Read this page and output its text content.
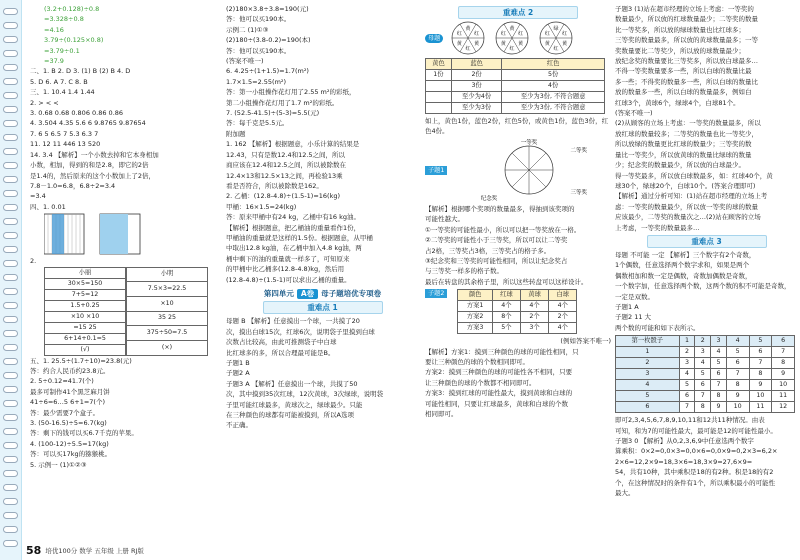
(3.2+0.128)÷0.8
=3.328÷0.8
=4.16
3.79÷(0.125×0.8)
=3.79÷0.1
=37.9
二、1. B 2. D 3. (1) B (2) B 4. D
5. D 6. A 7. C 8. B
三、1. 10.4 1.4 1.44
2. > < <
3. 0.68 0.68 0.806 0.86 0.86
4. 3.504 4.35 5.6 6 9.8765 9.87654
7. 6 5 6.5 7 5.3 6.3 7
11. 12 11 446 13 520
14. 3.4 【解析】一个小数去掉和它本身相加
小数，相加，得到的和是2.8，即它的2倍
是1.4的，然后原来的这个小数加上了2倍，
7.8－1.0=6.8，6.8÷2=3.4
=3.4
四、1. 0.01
2.
小丽
30×5=150
7+5=12
1.5+0.25
×10 ×10
=15 25
6+14+0.1=5
(√)
小明
7.5×3=22.5
×10
35 25
375÷50=7.5
(×)
五、1. 25.5÷(1.7÷10)=23.8(元)
答：约合人民币约23.8元。
2. 5÷0.12≈41.7(个)
最多可制作41个黑芝麻月饼
41÷6=6…5 6+1=7(个)
答：最少需要7个盒子。
3. (50-16.5)÷5=6.7(kg)
答：剩下的钱可以买6.7千克的苹果。
4. (100-12)÷5.5=17(kg)
答：可以买17kg的猕猴桃。
5. 示例一 (1)①②③
(2)180×3.8÷3.8=190(元)
答：他可以买190本。
示例二 (1)①③
(2)180÷(3.8-0.2)=190(本)
答：他可以买190本。
(答案不唯一)
6. 4.25÷(1+1.5)=1.7(m²)
1.7×1.5=2.55(m²)
答：第一小组操作花灯用了2.55 m²的彩纸，
第二小组操作花灯用了1.7 m²的彩纸。
7. (52.5-41.5)÷(5-3)=5.5(元)
答：每千克是5.5元。
附加题
1. 162 【解析】根据题意，小乐计算的结果是
12.43，只有是数12.4和12.5之间，所以
商应该在12.4和12.5之间，所以被除数在
12.4×13和12.5×13之间，再检验13乘
看是否符合，所以被除数是162。
2. 乙桶：(12.8-4.8)÷(1.5-1)=16(kg)
甲桶：16×1.5=24(kg)
答：原来甲桶中有24 kg，乙桶中有16 kg油。
【解析】根据题意，把乙桶油的重量看作1份，
甲桶油的重量就是这样的1.5份。根据题意，从甲桶
中取出12.8 kg油，在乙桶中加入4.8 kg油，两
桶中剩下的油的重量就一样多了，可知原来
的甲桶中比乙桶多(12.8-4.8)kg，然后用
(12.8-4.8)÷(1.5-1)可以求出乙桶的重量。
第四单元 A卷 母子题培优专项卷
重难点 1
母题 B 【解析】任意摸出一个球，一共摸了20
次，摸出白球15次，红球6次，说明袋子里摸到白球
次数占比较高，由此可推测袋子中白球
比红球多的多，所以合理最可能是B。
子题1 B
子题2 A
子题3 A 【解析】任意摸出一个球，共摸了50
次，其中摸到35次红球，12次黄球，3次绿球，说明袋
子里可能红球最多，黄球次之，绿球最少。只能
在三种颜色的球都有可能被摸到，所以A选项
不正确。
重难点 2
母题
黄
红
黄
红
黄
红
黄
红
黄
红
黄
红
黄
红
黄
红
绿
红
黄色	蓝色	红色
1份	2份	5份
	3份	4份
	至少为4份	至少为3份, 不符合题意
	至少为3份	至少为3份, 不符合题意
如上，黄色1份，蓝色2份，红色5份，或黄色1份，蓝色3份，红色4份。
子题1
一等奖
二等奖
三等奖
纪念奖
【解析】根据哪个奖项的数量最多，得抽到该奖项的
可能性越大。
①一等奖的可能性最小，所以可以把一等奖放在一格。
②二等奖的可能性小于三等奖，所以可以让二等奖
占2格，三等奖占3格，三等奖占的格子多。
③纪念奖和三等奖的可能性相同，所以让纪念奖占
与三等奖一样多的格子数。
最后在转盘的其余格子里，所以这些转盘可以这样设计。
子题2	颜色	红球	黄球	白球
方案1	4个	4个	4个
方案2	8个	2个	2个
方案3	5个	3个	4个
(例如答案不唯一)
【解析】方案1：摸到三种颜色的球的可能性相同，只
要让三种颜色的球的个数相同即可。
方案2：摸到三种颜色的球的可能性各不相同，只要
让三种颜色的球的个数都不相同即可。
方案3：摸到红球的可能性最大，摸到黄球和白球的
可能性相同，只要让红球最多，黄球和白球的个数
相同即可。
子题3 (1)站在超市经理的立场上考虑：一等奖的
数量最少，所以放的红球数量最少；二等奖的数量
比一等奖多，所以放的绿球数量也比红球多；
三等奖的数量最多，所以放的黄球数量最多；一等
奖数量要比二等奖少，所以放的球数量最少；
放纪念奖的数量要比三等奖多，所以放白球最多…
不得一等奖数量要多一些，所以白球的数量比最
多一些；不得奖的数量多一些，所以白球的数量比
放的数量多一些，所以白球的数量最多，例如白
红球3个，黄球6个，绿球4个，白球81个。
(答案不唯一)
(2)从顾客的立场上考虑：一等奖的数量最多，所以
放红球的数量较多；二等奖的数量也比一等奖少，
所以放绿的数量更比红球的数量少；三等奖的数
量比一等奖少，所以放黄球的数量比绿球的数量
少；纪念奖的数量最少，所以放的白球最少。
得一等奖最多，所以放白球数最多，如：红球40个，黄
球30个，绿球20个，白球10个。(答案合理即可)
【解析】通过分析可知：(1)站在超市经理的立场上考
虑：一等奖的数量最少，所以放一等奖的球的数量
应该最少，二等奖的数量次之…(2)站在顾客的立场
上考虑，一等奖的数量最多…
重难点 3
母题 不可能 一定 【解析】三个数字有2个奇数，
1个偶数，任意选择两个数字求和，如果是两个
偶数相加和数一定是偶数，奇数加偶数是奇数，
一个数字加，任意选择两个数，这两个数的积不可能是奇数，
一定是双数。
子题1 A
子题2 11 大
两个数的可能和如下表所示。
第一枚骰子	1	2	3	4	5	6
1	2	3	4	5	6	7
2	3	4	5	6	7	8
3	4	5	6	7	8	9
4	5	6	7	8	9	10
5	6	7	8	9	10	11
6	7	8	9	10	11	12
即可2,3,4,5,6,7,8,9,10,11和12共11种情况。由表
可知，和为7的可能性最大，最可能是12的可能性最小。
子题3 0 【解析】从0,2,3,6,9中任意选两个数字
算乘积：0×2=0,0×3=0,0×6=0,0×9=0,2×3=6,2×
2×6=12,2×9=18,3×6=18,3×9=27,6×9=
54，共有10种，其中乘积是18的有2种。积是18的有2
个，在这种情况时的条件有1个，所以乘积最小的可能性
最大。
58 培优100分 数学 五年级 上册 RJ版
